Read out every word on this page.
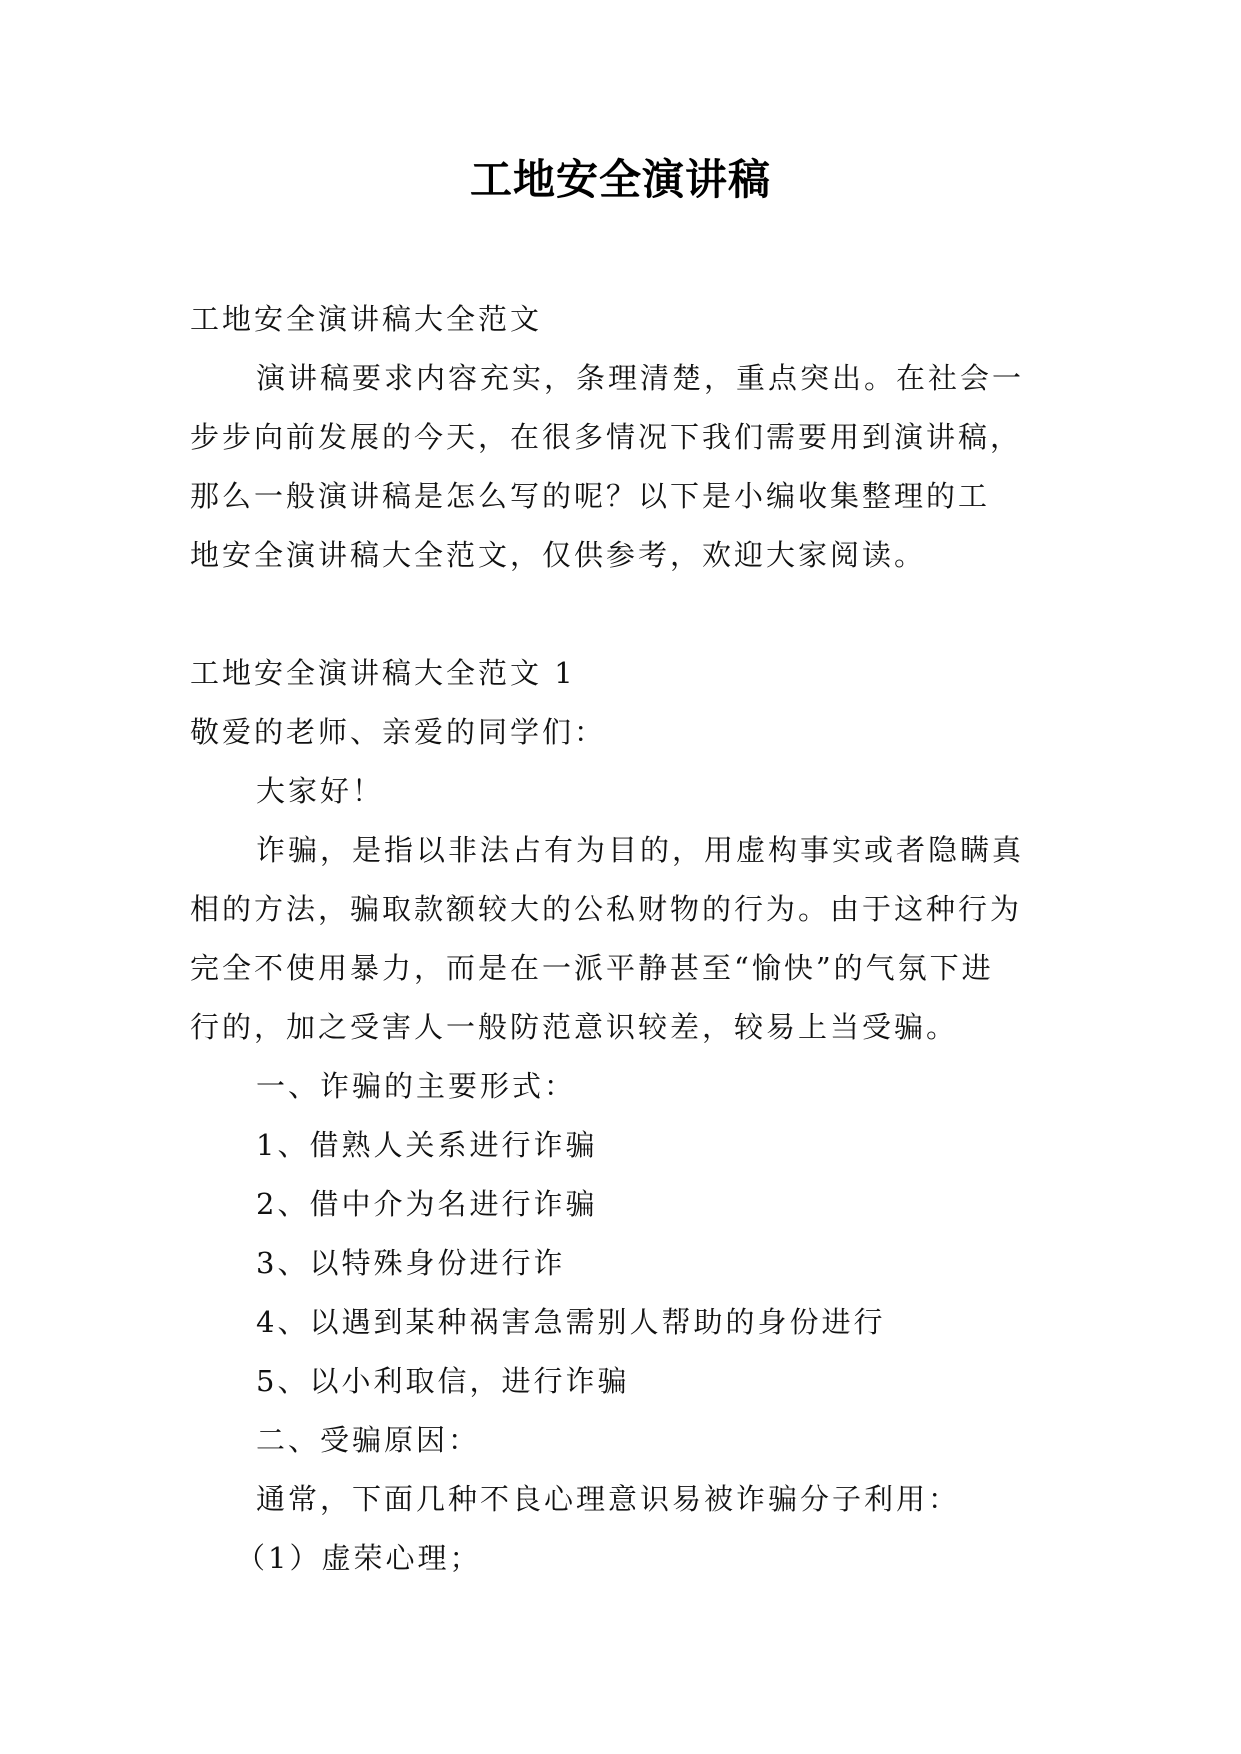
工地安全演讲稿
工地安全演讲稿大全范文
演讲稿要求内容充实，条理清楚，重点突出。在社会一
步步向前发展的今天，在很多情况下我们需要用到演讲稿，
那么一般演讲稿是怎么写的呢？以下是小编收集整理的工
地安全演讲稿大全范文，仅供参考，欢迎大家阅读。
工地安全演讲稿大全范文 1
敬爱的老师、亲爱的同学们：
大家好！
诈骗，是指以非法占有为目的，用虚构事实或者隐瞒真
相的方法，骗取款额较大的公私财物的行为。由于这种行为
完全不使用暴力，而是在一派平静甚至“愉快”的气氛下进
行的，加之受害人一般防范意识较差，较易上当受骗。
一、诈骗的主要形式：
1、借熟人关系进行诈骗
2、借中介为名进行诈骗
3、以特殊身份进行诈
4、以遇到某种祸害急需别人帮助的身份进行
5、以小利取信，进行诈骗
二、受骗原因：
通常，下面几种不良心理意识易被诈骗分子利用：
（1）虚荣心理；
